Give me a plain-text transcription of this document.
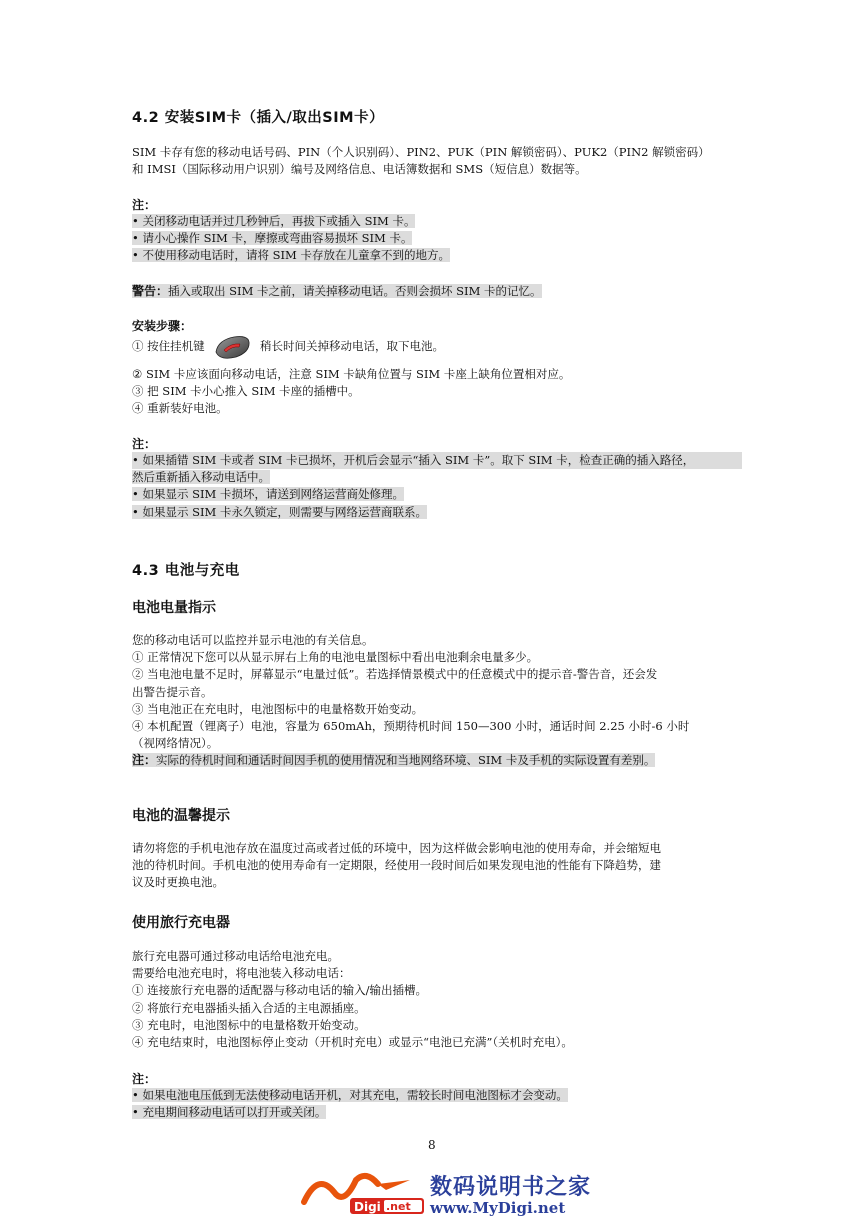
4.2 安装SIM卡（插入/取出SIM卡）
SIM 卡存有您的移动电话号码、PIN（个人识别码）、PIN2、PUK（PIN 解锁密码）、PUK2（PIN2 解锁密码）
和 IMSI（国际移动用户识别）编号及网络信息、电话簿数据和 SMS（短信息）数据等。
注：
• 关闭移动电话并过几秒钟后，再拔下或插入 SIM 卡。
• 请小心操作 SIM 卡，摩擦或弯曲容易损坏 SIM 卡。
• 不使用移动电话时，请将 SIM 卡存放在儿童拿不到的地方。
警告：插入或取出 SIM 卡之前，请关掉移动电话。否则会损坏 SIM 卡的记忆。
安装步骤：
① 按住挂机键	稍长时间关掉移动电话，取下电池。
② SIM 卡应该面向移动电话，注意 SIM 卡缺角位置与 SIM 卡座上缺角位置相对应。
③ 把 SIM 卡小心推入 SIM 卡座的插槽中。
④ 重新装好电池。
注：
• 如果插错 SIM 卡或者 SIM 卡已损坏，开机后会显示“插入 SIM 卡”。取下 SIM 卡，检查正确的插入路径，
然后重新插入移动电话中。
• 如果显示 SIM 卡损坏，请送到网络运营商处修理。
• 如果显示 SIM 卡永久锁定，则需要与网络运营商联系。
4.3 电池与充电
电池电量指示
您的移动电话可以监控并显示电池的有关信息。
① 正常情况下您可以从显示屏右上角的电池电量图标中看出电池剩余电量多少。
② 当电池电量不足时，屏幕显示“电量过低”。若选择情景模式中的任意模式中的提示音-警告音，还会发
出警告提示音。
③ 当电池正在充电时，电池图标中的电量格数开始变动。
④ 本机配置（锂离子）电池，容量为 650mAh，预期待机时间 150—300 小时，通话时间 2.25 小时-6 小时
（视网络情况）。
注：实际的待机时间和通话时间因手机的使用情况和当地网络环境、SIM 卡及手机的实际设置有差别。
电池的温馨提示
请勿将您的手机电池存放在温度过高或者过低的环境中，因为这样做会影响电池的使用寿命，并会缩短电
池的待机时间。手机电池的使用寿命有一定期限，经使用一段时间后如果发现电池的性能有下降趋势，建
议及时更换电池。
使用旅行充电器
旅行充电器可通过移动电话给电池充电。
需要给电池充电时，将电池装入移动电话：
① 连接旅行充电器的适配器与移动电话的输入/输出插槽。
② 将旅行充电器插头插入合适的主电源插座。
③ 充电时，电池图标中的电量格数开始变动。
④ 充电结束时，电池图标停止变动（开机时充电）或显示“电池已充满”（关机时充电）。
注：
• 如果电池电压低到无法使移动电话开机，对其充电，需较长时间电池图标才会变动。
• 充电期间移动电话可以打开或关闭。
8
Digi .net
数码说明书之家
www.MyDigi.net
